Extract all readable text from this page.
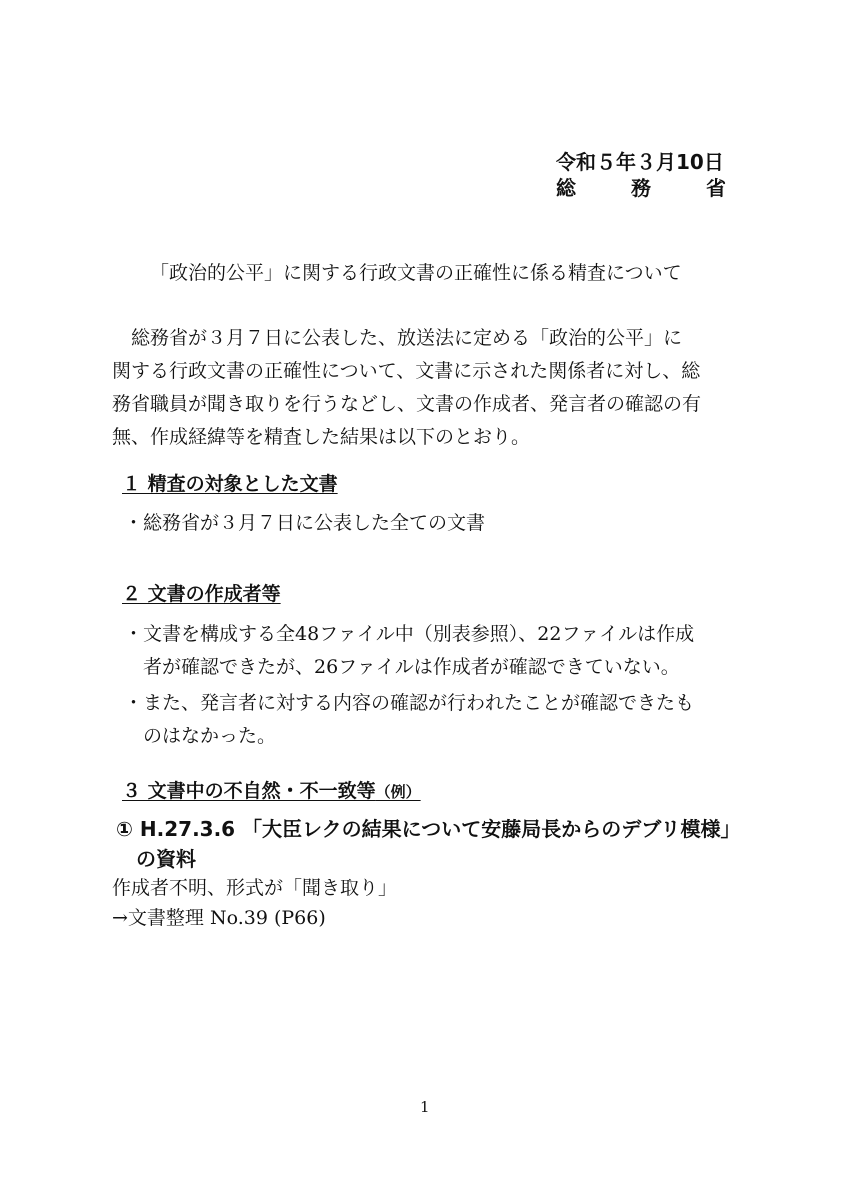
令和５年３月10日
総	務	省
「政治的公平」に関する行政文書の正確性に係る精査について
　総務省が３月７日に公表した、放送法に定める「政治的公平」に
関する行政文書の正確性について、文書に示された関係者に対し、総
務省職員が聞き取りを行うなどし、文書の作成者、発言者の確認の有
無、作成経緯等を精査した結果は以下のとおり。
１ 精査の対象とした文書
・総務省が３月７日に公表した全ての文書
２ 文書の作成者等
・文書を構成する全48ファイル中（別表参照）、22ファイルは作成
　者が確認できたが、26ファイルは作成者が確認できていない。
・また、発言者に対する内容の確認が行われたことが確認できたも
　のはなかった。
３ 文書中の不自然・不一致等（例）
① H.27.3.6 「大臣レクの結果について安藤局長からのデブリ模様」
の資料
作成者不明、形式が「聞き取り」
→文書整理 No.39 (P66)
1
